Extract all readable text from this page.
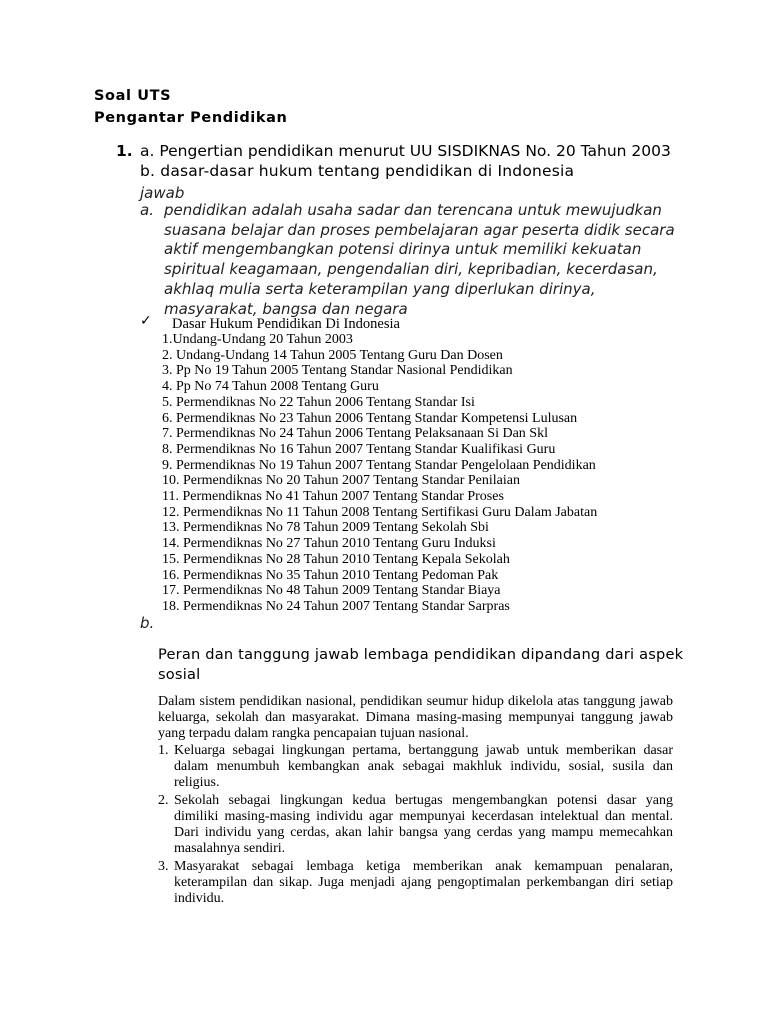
Soal UTS
Pengantar Pendidikan
1. a. Pengertian pendidikan menurut UU SISDIKNAS No. 20 Tahun 2003
b. dasar-dasar hukum tentang pendidikan di Indonesia
jawab
a. pendidikan adalah usaha sadar dan terencana untuk mewujudkan suasana belajar dan proses pembelajaran agar peserta didik secara aktif mengembangkan potensi dirinya untuk memiliki kekuatan spiritual keagamaan, pengendalian diri, kepribadian, kecerdasan, akhlaq mulia serta keterampilan yang diperlukan dirinya, masyarakat, bangsa dan negara
✓ Dasar Hukum Pendidikan Di Indonesia
1.Undang-Undang 20 Tahun 2003
2. Undang-Undang 14 Tahun 2005 Tentang Guru Dan Dosen
3. Pp No 19 Tahun 2005 Tentang Standar Nasional Pendidikan
4. Pp No 74 Tahun 2008 Tentang Guru
5. Permendiknas No 22 Tahun 2006 Tentang Standar Isi
6. Permendiknas No 23 Tahun 2006 Tentang Standar Kompetensi Lulusan
7. Permendiknas No 24 Tahun 2006 Tentang Pelaksanaan Si Dan Skl
8. Permendiknas No 16 Tahun 2007 Tentang Standar Kualifikasi Guru
9. Permendiknas No 19 Tahun 2007 Tentang Standar Pengelolaan Pendidikan
10. Permendiknas No 20 Tahun 2007 Tentang Standar Penilaian
11. Permendiknas No 41 Tahun 2007 Tentang Standar Proses
12. Permendiknas No 11 Tahun 2008 Tentang Sertifikasi Guru Dalam Jabatan
13. Permendiknas No 78 Tahun 2009 Tentang Sekolah Sbi
14. Permendiknas No 27 Tahun 2010 Tentang Guru Induksi
15. Permendiknas No 28 Tahun 2010 Tentang Kepala Sekolah
16. Permendiknas No 35 Tahun 2010 Tentang Pedoman Pak
17. Permendiknas No 48 Tahun 2009 Tentang Standar Biaya
18. Permendiknas No 24 Tahun 2007 Tentang Standar Sarpras
b.
Peran dan tanggung jawab lembaga pendidikan dipandang dari aspek sosial
Dalam sistem pendidikan nasional, pendidikan seumur hidup dikelola atas tanggung jawab keluarga, sekolah dan masyarakat. Dimana masing-masing mempunyai tanggung jawab yang terpadu dalam rangka pencapaian tujuan nasional.
1. Keluarga sebagai lingkungan pertama, bertanggung jawab untuk memberikan dasar dalam menumbuh kembangkan anak sebagai makhluk individu, sosial, susila dan religius.
2. Sekolah sebagai lingkungan kedua bertugas mengembangkan potensi dasar yang dimiliki masing-masing individu agar mempunyai kecerdasan intelektual dan mental. Dari individu yang cerdas, akan lahir bangsa yang cerdas yang mampu memecahkan masalahnya sendiri.
3. Masyarakat sebagai lembaga ketiga memberikan anak kemampuan penalaran, keterampilan dan sikap. Juga menjadi ajang pengoptimalan perkembangan diri setiap individu.
